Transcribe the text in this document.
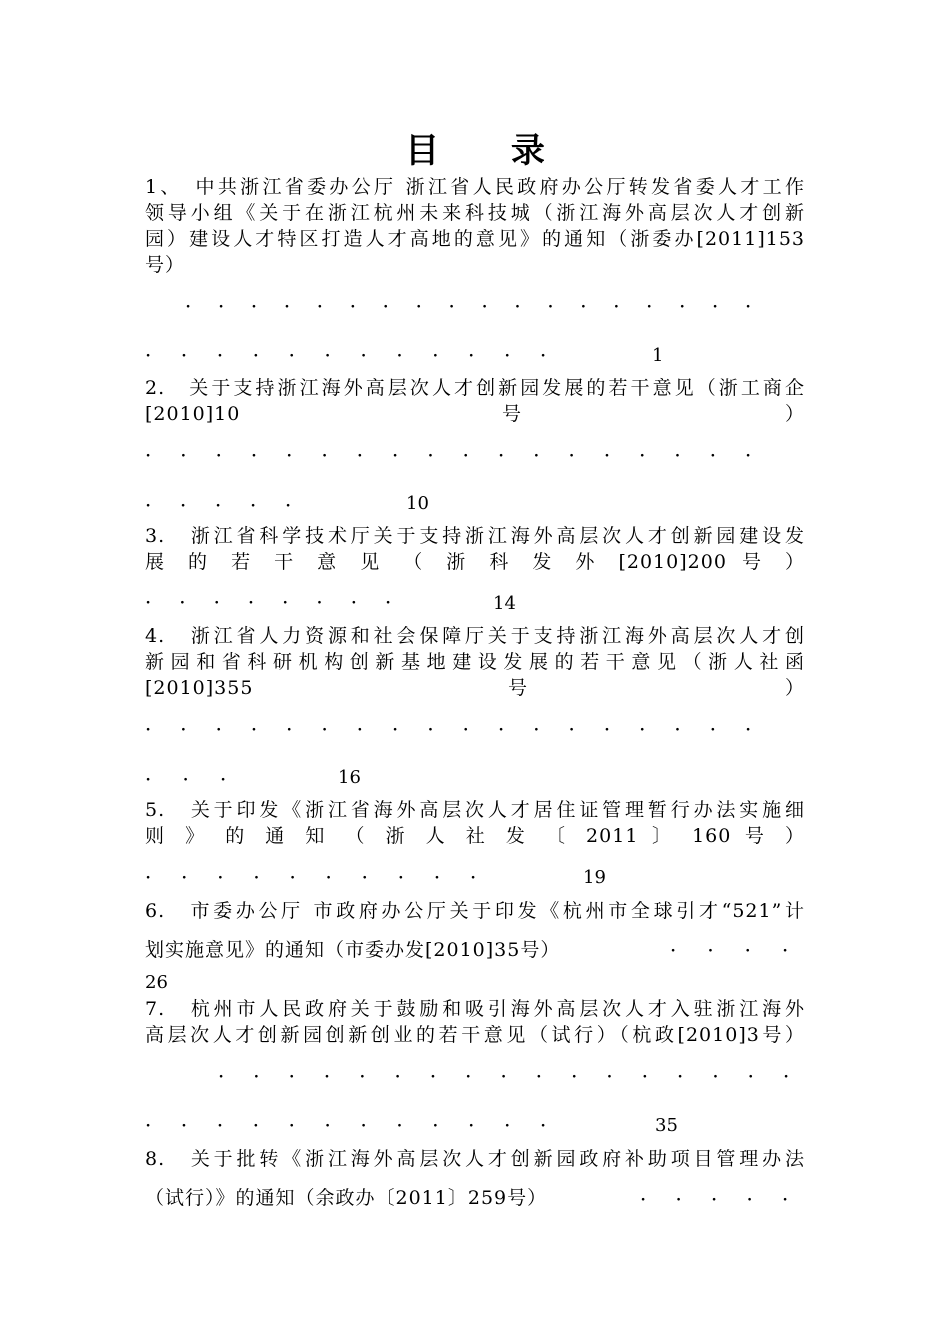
目 录
1、　中共浙江省委办公厅 浙江省人民政府办公厅转发省委人才工作
领导小组《关于在浙江杭州未来科技城（浙江海外高层次人才创新
园）建设人才特区打造人才高地的意见》的通知（浙委办[2011]153
号）
．．．．．．．．．．．．．．．．．．
．．．．．．．．．．．．	1
2.　关于支持浙江海外高层次人才创新园发展的若干意见（浙工商企
[2010]10	号	）
．．．．．．．．．．．．．．．．．．
．．．．．	10
3.　浙江省科学技术厅关于支持浙江海外高层次人才创新园建设发
展 的 若 干 意 见 （ 浙 科 发 外 [2010]200 号 ）
．．．．．．．．	14
4.　浙江省人力资源和社会保障厅关于支持浙江海外高层次人才创
新园和省科研机构创新基地建设发展的若干意见（浙人社函
[2010]355	号	）
．．．．．．．．．．．．．．．．．．
．．．	16
5.　关于印发《浙江省海外高层次人才居住证管理暂行办法实施细
则 》 的 通 知 （ 浙 人 社 发 〔 2011 〕 160 号 ）
．．．．．．．．．．	19
6.　市委办公厅 市政府办公厅关于印发《杭州市全球引才“521”计
划实施意见》的通知（市委办发[2010]35号）	．．．．
26
7.　杭州市人民政府关于鼓励和吸引海外高层次人才入驻浙江海外
高层次人才创新园创新创业的若干意见（试行）（杭政[2010]3号）
．．．．．．．．．．．．．．．．．
．．．．．．．．．．．．	35
8.　关于批转《浙江海外高层次人才创新园政府补助项目管理办法
（试行）》的通知（余政办〔2011〕259号）	．．．．．
